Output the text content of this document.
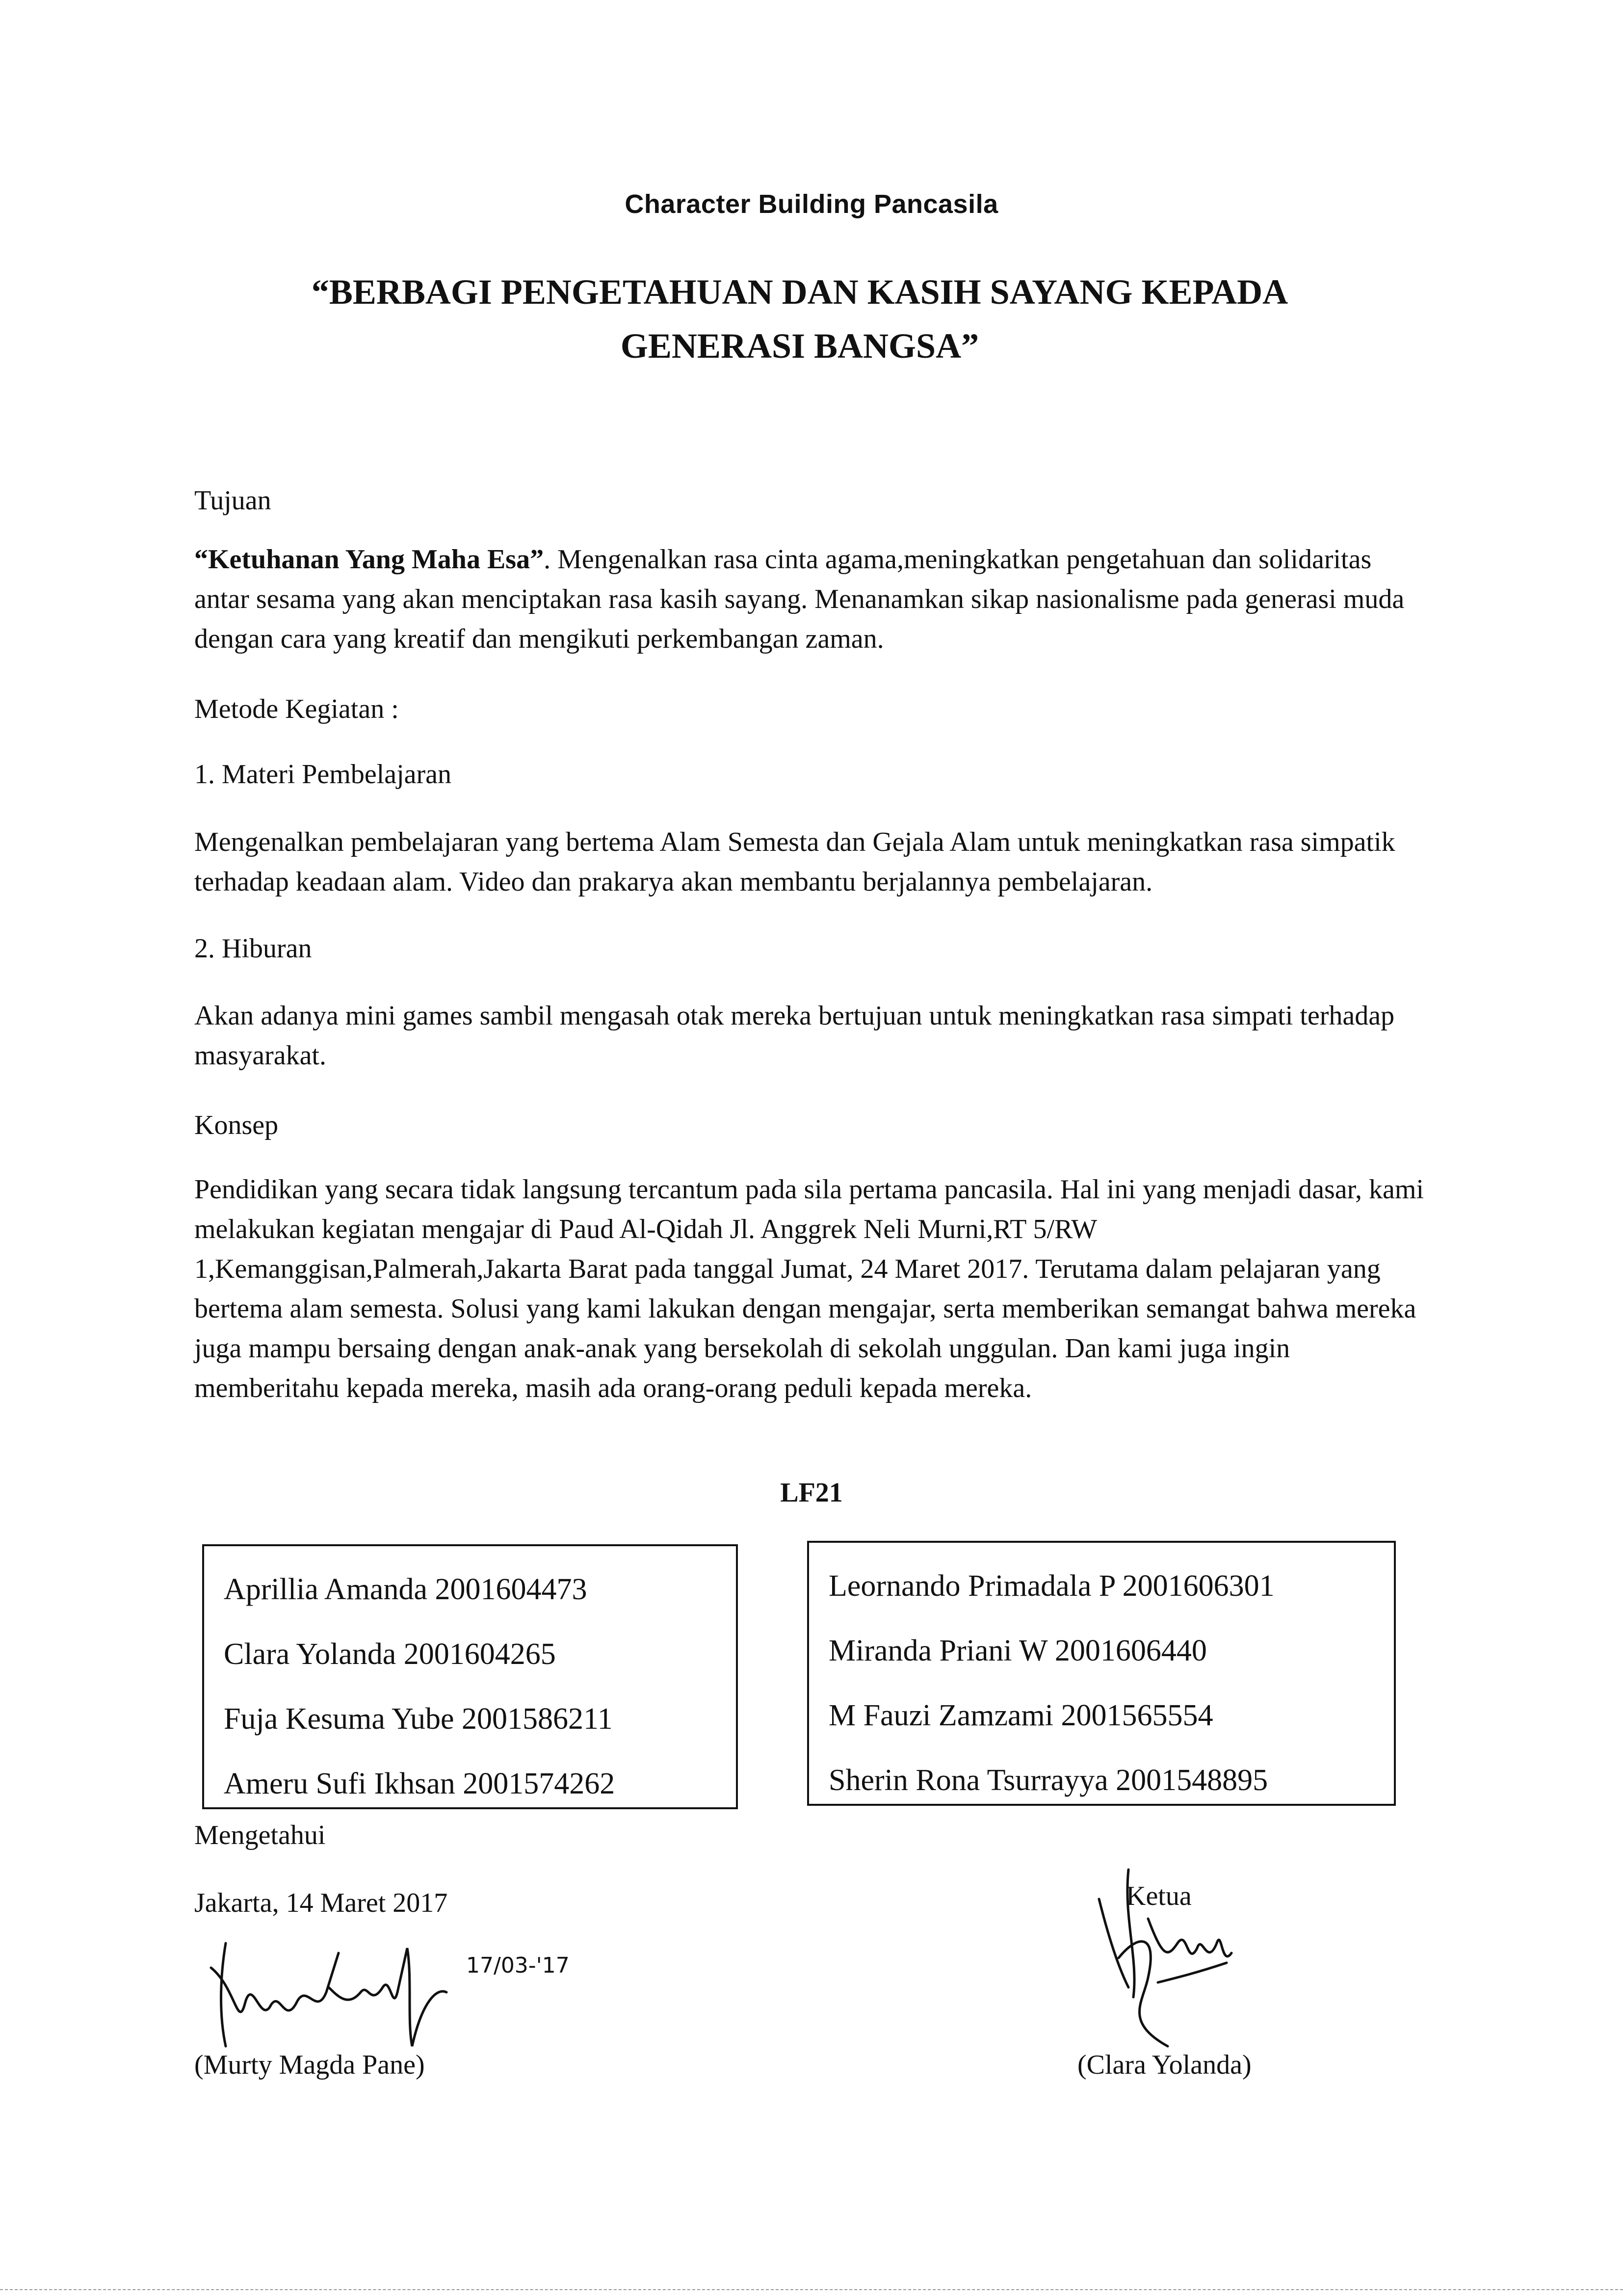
Character Building Pancasila
“BERBAGI PENGETAHUAN DAN KASIH SAYANG KEPADA
GENERASI BANGSA”

Tujuan

“Ketuhanan Yang Maha Esa”. Mengenalkan rasa cinta agama,meningkatkan pengetahuan dan solidaritas antar sesama yang akan menciptakan rasa kasih sayang. Menanamkan sikap nasionalisme pada generasi muda dengan cara yang kreatif dan mengikuti perkembangan zaman.

Metode Kegiatan :

1. Materi Pembelajaran

Mengenalkan pembelajaran yang bertema Alam Semesta dan Gejala Alam untuk meningkatkan rasa simpatik terhadap keadaan alam. Video dan prakarya akan membantu berjalannya pembelajaran.

2. Hiburan

Akan adanya mini games sambil mengasah otak mereka bertujuan untuk meningkatkan rasa simpati terhadap masyarakat.

Konsep

Pendidikan yang secara tidak langsung tercantum pada sila pertama pancasila. Hal ini yang menjadi dasar, kami melakukan kegiatan mengajar di Paud Al-Qidah Jl. Anggrek Neli Murni,RT 5/RW 1,Kemanggisan,Palmerah,Jakarta Barat pada tanggal Jumat, 24 Maret 2017. Terutama dalam pelajaran yang bertema alam semesta. Solusi yang kami lakukan dengan mengajar, serta memberikan semangat bahwa mereka juga mampu bersaing dengan anak-anak yang bersekolah di sekolah unggulan. Dan kami juga ingin memberitahu kepada mereka, masih ada orang-orang peduli kepada mereka.

LF21
Aprillia Amanda 2001604473
Clara Yolanda 2001604265
Fuja Kesuma Yube 2001586211
Ameru Sufi Ikhsan 2001574262
Leornando Primadala P 2001606301
Miranda Priani W 2001606440
M Fauzi Zamzami 2001565554
Sherin Rona Tsurrayya 2001548895

Mengetahui

Jakarta, 14 Maret 2017

17/03-'17

(Murty Magda Pane)

Ketua

(Clara Yolanda)
